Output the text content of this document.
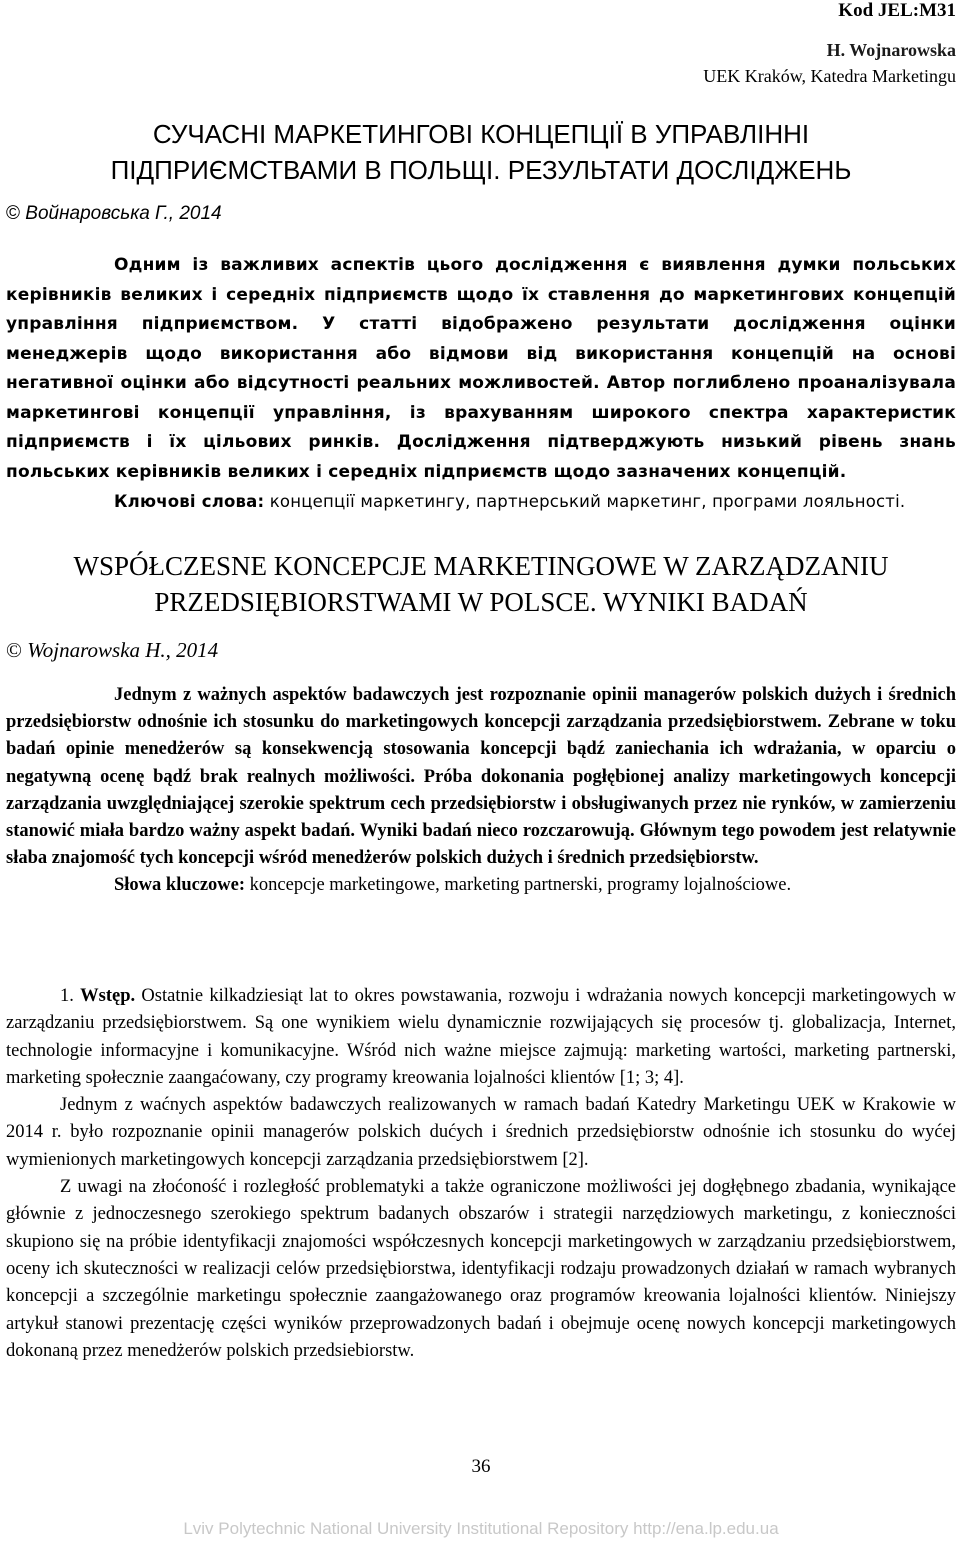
Kod JEL:M31
H. Wojnarowska
UEK Kraków, Katedra Marketingu
СУЧАСНІ МАРКЕТИНГОВІ КОНЦЕПЦІЇ В УПРАВЛІННІ
ПІДПРИЄМСТВАМИ В ПОЛЬЩІ. РЕЗУЛЬТАТИ ДОСЛІДЖЕНЬ
© Войнаровська Г., 2014

Одним із важливих аспектів цього дослідження є виявлення думки польських керівників великих і середніх підприємств щодо їх ставлення до маркетингових концепцій управління підприємством. У статті відображено результати дослідження оцінки менеджерів щодо використання або відмови від використання концепцій на основі негативної оцінки або відсутності реальних можливостей. Автор поглиблено проаналізувала маркетингові концепції управління, із врахуванням широкого спектра характеристик підприємств і їх цільових ринків. Дослідження підтверджують низький рівень знань польських керівників великих і середніх підприємств щодо зазначених концепцій.

Ключові слова: концепції маркетингу, партнерський маркетинг, програми лояльності.

WSPÓŁCZESNE KONCEPCJE MARKETINGOWE W ZARZĄDZANIU
PRZEDSIĘBIORSTWAMI W POLSCE. WYNIKI BADAŃ
© Wojnarowska H., 2014

Jednym z ważnych aspektów badawczych jest rozpoznanie opinii managerów polskich dużych i średnich przedsiębiorstw odnośnie ich stosunku do marketingowych koncepcji zarządzania przedsiębiorstwem. Zebrane w toku badań opinie menedżerów są konsekwencją stosowania koncepcji bądź zaniechania ich wdrażania, w oparciu o negatywną ocenę bądź brak realnych możliwości. Próba dokonania pogłębionej analizy marketingowych koncepcji zarządzania uwzględniającej szerokie spektrum cech przedsiębiorstw i obsługiwanych przez nie rynków, w zamierzeniu stanowić miała bardzo ważny aspekt badań. Wyniki badań nieco rozczarowują. Głównym tego powodem jest relatywnie słaba znajomość tych koncepcji wśród menedżerów polskich dużych i średnich przedsiębiorstw.

Słowa kluczowe: koncepcje marketingowe, marketing partnerski, programy lojalnościowe.

1. Wstęp. Ostatnie kilkadziesiąt lat to okres powstawania, rozwoju i wdrażania nowych koncepcji marketingowych w zarządzaniu przedsiębiorstwem. Są one wynikiem wielu dynamicznie rozwijających się procesów tj. globalizacja, Internet, technologie informacyjne i komunikacyjne. Wśród nich ważne miejsce zajmują: marketing wartości, marketing partnerski, marketing społecznie zaangaćowany, czy programy kreowania lojalności klientów [1; 3; 4].

Jednym z waćnych aspektów badawczych realizowanych w ramach badań Katedry Marketingu UEK w Krakowie w 2014 r. było rozpoznanie opinii managerów polskich dućych i średnich przedsiębiorstw odnośnie ich stosunku do wyćej wymienionych marketingowych koncepcji zarządzania przedsiębiorstwem [2].

Z uwagi na złoćoność i rozległość problematyki a także ograniczone możliwości jej dogłębnego zbadania, wynikające głównie z jednoczesnego szerokiego spektrum badanych obszarów i strategii narzędziowych marketingu, z konieczności skupiono się na próbie identyfikacji znajomości współczesnych koncepcji marketingowych w zarządzaniu przedsiębiorstwem, oceny ich skuteczności w realizacji celów przedsiębiorstwa, identyfikacji rodzaju prowadzonych działań w ramach wybranych koncepcji a szczególnie marketingu społecznie zaangażowanego oraz programów kreowania lojalności klientów. Niniejszy artykuł stanowi prezentację części wyników przeprowadzonych badań i obejmuje ocenę nowych koncepcji marketingowych dokonaną przez menedżerów polskich przedsiebiorstw.

36
Lviv Polytechnic National University Institutional Repository http://ena.lp.edu.ua
